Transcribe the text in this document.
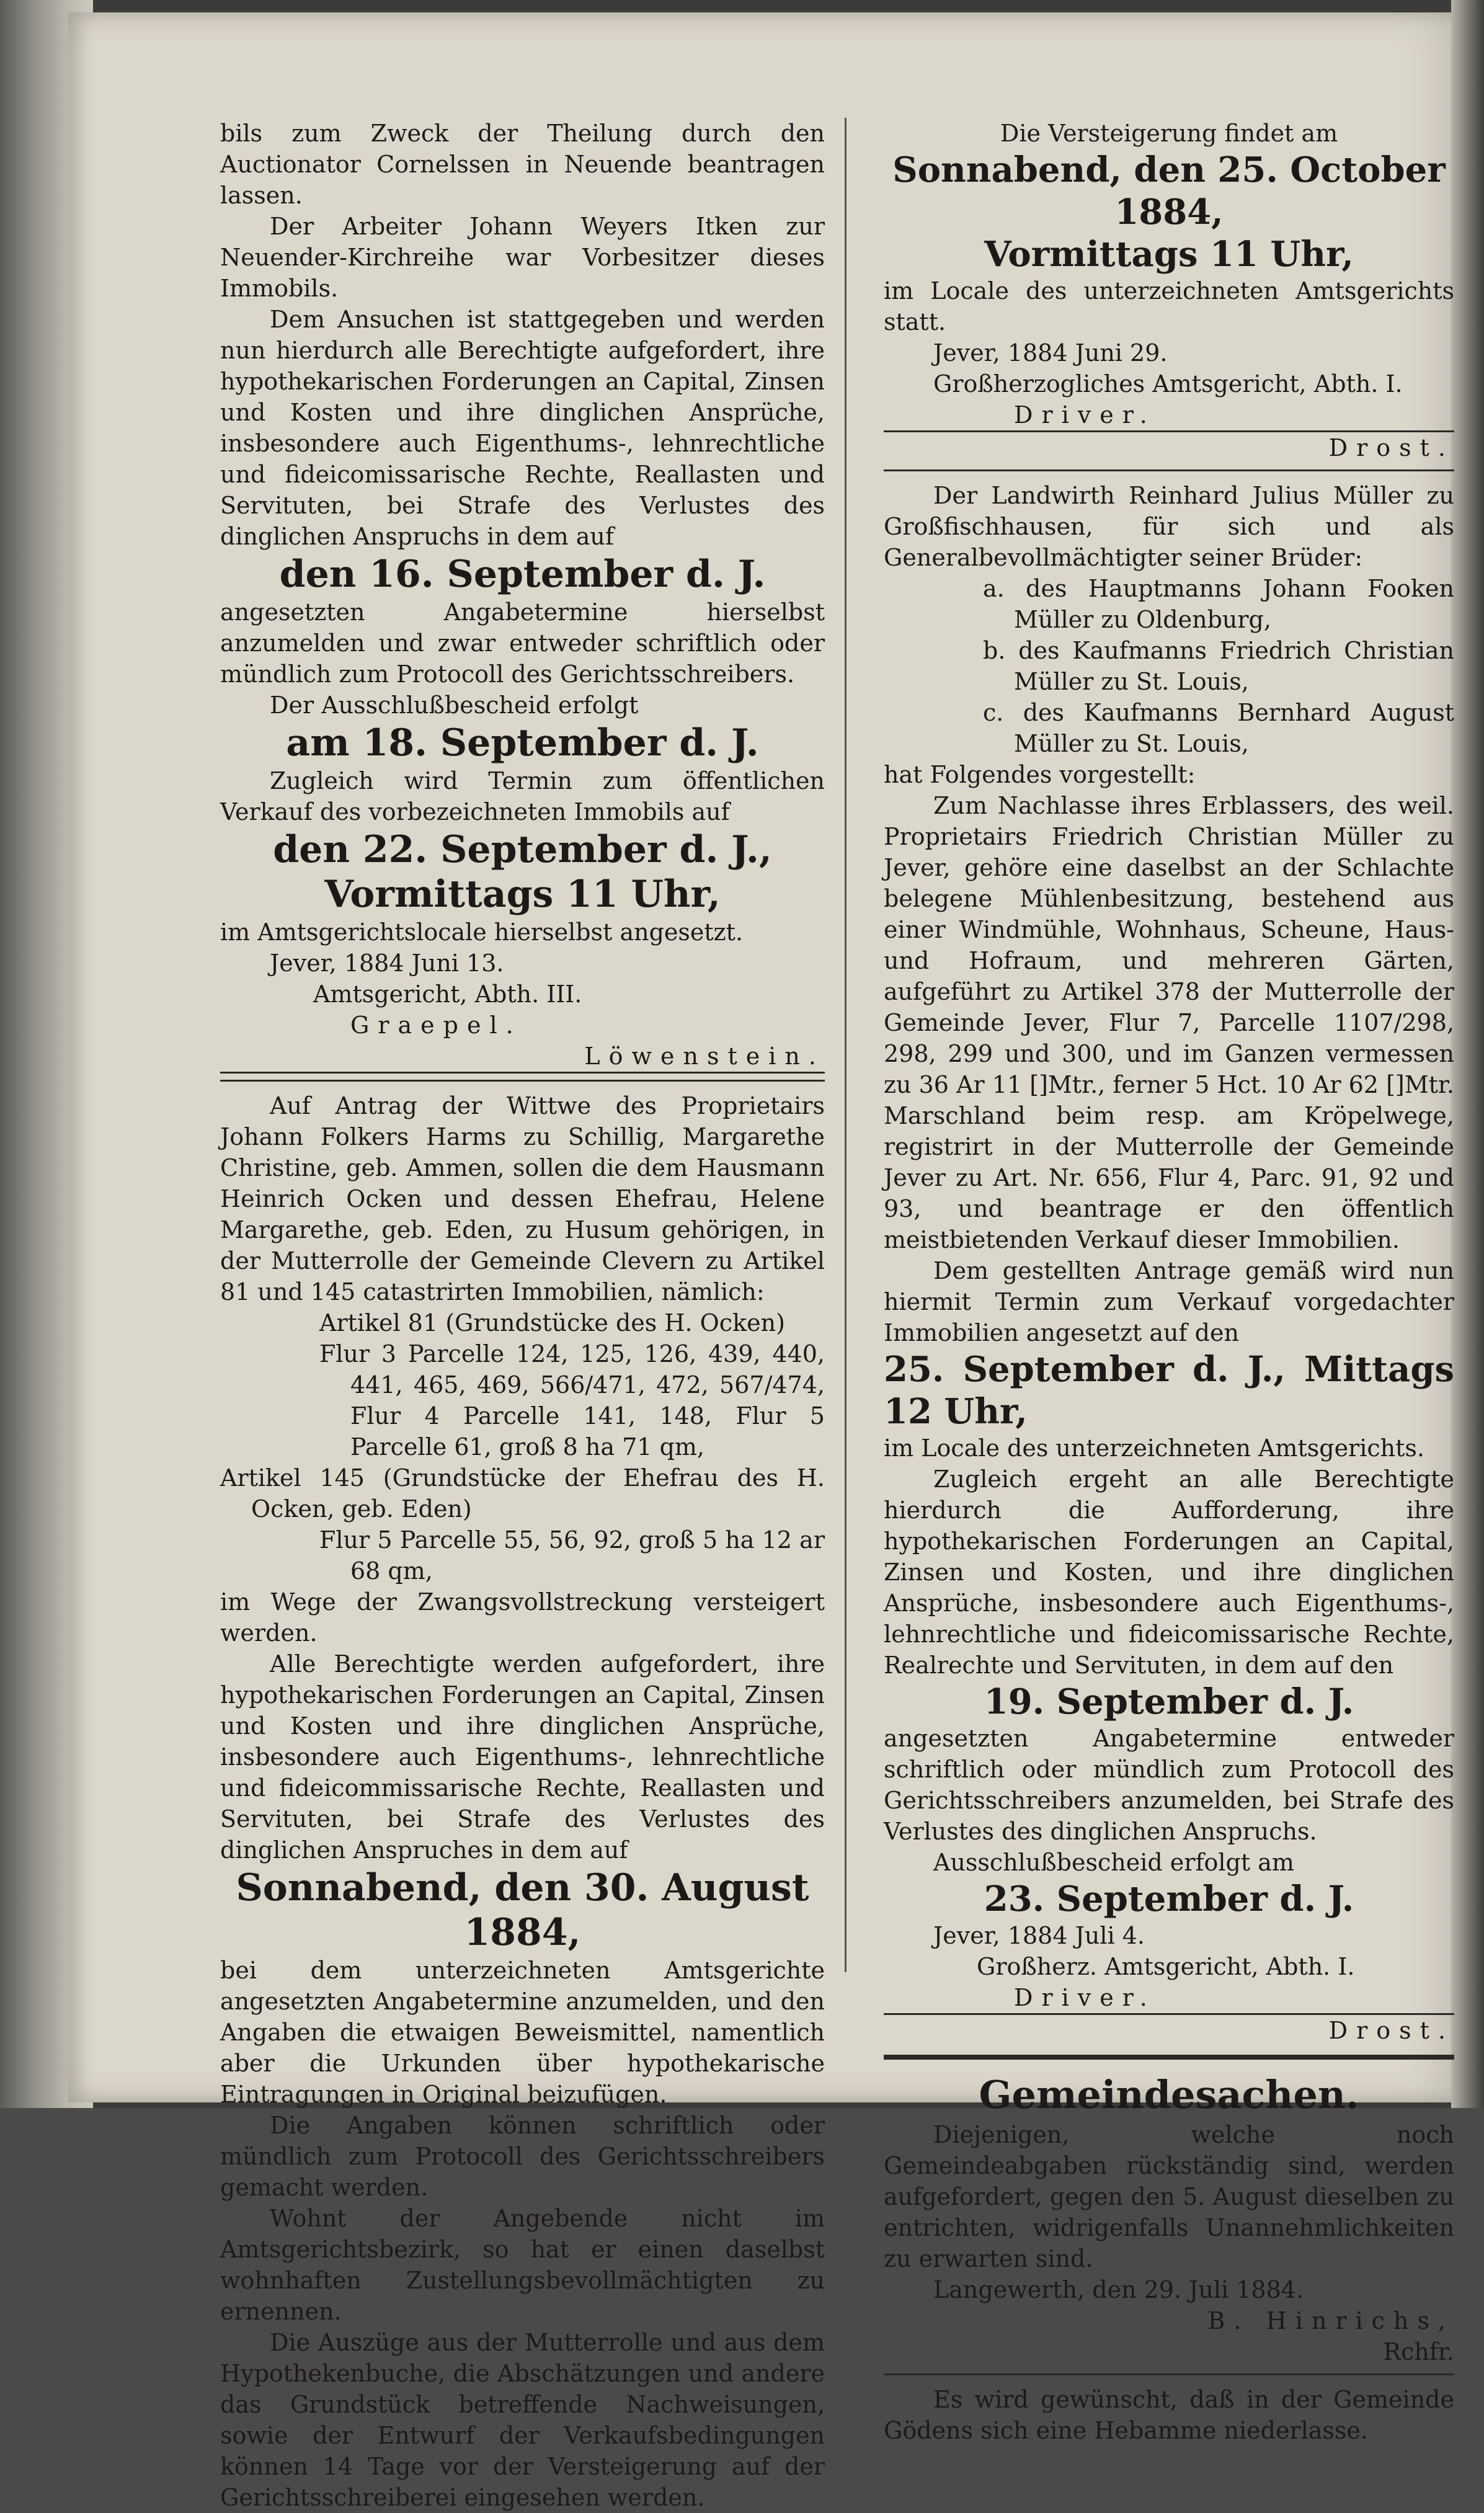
bils zum Zweck der Theilung durch den Auctionator Cornelssen in Neuende beantragen lassen.

Der Arbeiter Johann Weyers Itken zur Neuender-Kirchreihe war Vorbesitzer dieses Immobils.

Dem Ansuchen ist stattgegeben und werden nun hierdurch alle Berechtigte aufgefordert, ihre hypothekarischen Forderungen an Capital, Zinsen und Kosten und ihre dinglichen Ansprüche, insbesondere auch Eigenthums-, lehnrechtliche und fideicomissarische Rechte, Reallasten und Servituten, bei Strafe des Verlustes des dinglichen Anspruchs in dem auf

den 16. September d. J.

angesetzten Angabetermine hierselbst anzumelden und zwar entweder schriftlich oder mündlich zum Protocoll des Gerichtsschreibers.

Der Ausschlußbescheid erfolgt

am 18. September d. J.

Zugleich wird Termin zum öffentlichen Verkauf des vorbezeichneten Immobils auf

den 22. September d. J.,

Vormittags 11 Uhr,

im Amtsgerichtslocale hierselbst angesetzt.

Jever, 1884 Juni 13.

Amtsgericht, Abth. III.

Graepel.

Löwenstein.

Auf Antrag der Wittwe des Proprietairs Johann Folkers Harms zu Schillig, Margarethe Christine, geb. Ammen, sollen die dem Hausmann Heinrich Ocken und dessen Ehefrau, Helene Margarethe, geb. Eden, zu Husum gehörigen, in der Mutterrolle der Gemeinde Clevern zu Artikel 81 und 145 catastrirten Immobilien, nämlich:

Artikel 81 (Grundstücke des H. Ocken)

Flur 3 Parcelle 124, 125, 126, 439, 440, 441, 465, 469, 566/471, 472, 567/474, Flur 4 Parcelle 141, 148, Flur 5 Parcelle 61, groß 8 ha 71 qm,

Artikel 145 (Grundstücke der Ehefrau des H. Ocken, geb. Eden)

Flur 5 Parcelle 55, 56, 92, groß 5 ha 12 ar 68 qm,

im Wege der Zwangsvollstreckung versteigert werden.

Alle Berechtigte werden aufgefordert, ihre hypothekarischen Forderungen an Capital, Zinsen und Kosten und ihre dinglichen Ansprüche, insbesondere auch Eigenthums-, lehnrechtliche und fideicommissarische Rechte, Reallasten und Servituten, bei Strafe des Verlustes des dinglichen Anspruches in dem auf

Sonnabend, den 30. August 1884,

bei dem unterzeichneten Amtsgerichte angesetzten Angabetermine anzumelden, und den Angaben die etwaigen Beweismittel, namentlich aber die Urkunden über hypothekarische Eintragungen in Original beizufügen.

Die Angaben können schriftlich oder mündlich zum Protocoll des Gerichtsschreibers gemacht werden.

Wohnt der Angebende nicht im Amtsgerichtsbezirk, so hat er einen daselbst wohnhaften Zustellungsbevollmächtigten zu ernennen.

Die Auszüge aus der Mutterrolle und aus dem Hypothekenbuche, die Abschätzungen und andere das Grundstück betreffende Nachweisungen, sowie der Entwurf der Verkaufsbedingungen können 14 Tage vor der Versteigerung auf der Gerichtsschreiberei eingesehen werden.

Die Versteigerung findet am

Sonnabend, den 25. October 1884,

Vormittags 11 Uhr,

im Locale des unterzeichneten Amtsgerichts statt.

Jever, 1884 Juni 29.

Großherzogliches Amtsgericht, Abth. I.

Driver.

Drost.

Der Landwirth Reinhard Julius Müller zu Großfischhausen, für sich und als Generalbevollmächtigter seiner Brüder:

a. des Hauptmanns Johann Fooken Müller zu Oldenburg,

b. des Kaufmanns Friedrich Christian Müller zu St. Louis,

c. des Kaufmanns Bernhard August Müller zu St. Louis,

hat Folgendes vorgestellt:

Zum Nachlasse ihres Erblassers, des weil. Proprietairs Friedrich Christian Müller zu Jever, gehöre eine daselbst an der Schlachte belegene Mühlenbesitzung, bestehend aus einer Windmühle, Wohnhaus, Scheune, Haus- und Hofraum, und mehreren Gärten, aufgeführt zu Artikel 378 der Mutterrolle der Gemeinde Jever, Flur 7, Parcelle 1107/298, 298, 299 und 300, und im Ganzen vermessen zu 36 Ar 11 []Mtr., ferner 5 Hct. 10 Ar 62 []Mtr. Marschland beim resp. am Kröpelwege, registrirt in der Mutterrolle der Gemeinde Jever zu Art. Nr. 656, Flur 4, Parc. 91, 92 und 93, und beantrage er den öffentlich meistbietenden Verkauf dieser Immobilien.

Dem gestellten Antrage gemäß wird nun hiermit Termin zum Verkauf vorgedachter Immobilien angesetzt auf den

25. September d. J., Mittags 12 Uhr,

im Locale des unterzeichneten Amtsgerichts.

Zugleich ergeht an alle Berechtigte hierdurch die Aufforderung, ihre hypothekarischen Forderungen an Capital, Zinsen und Kosten, und ihre dinglichen Ansprüche, insbesondere auch Eigenthums-, lehnrechtliche und fideicomissarische Rechte, Realrechte und Servituten, in dem auf den

19. September d. J.

angesetzten Angabetermine entweder schriftlich oder mündlich zum Protocoll des Gerichtsschreibers anzumelden, bei Strafe des Verlustes des dinglichen Anspruchs.

Ausschlußbescheid erfolgt am

23. September d. J.

Jever, 1884 Juli 4.

Großherz. Amtsgericht, Abth. I.

Driver.

Drost.

Gemeindesachen.

Diejenigen, welche noch Gemeindeabgaben rückständig sind, werden aufgefordert, gegen den 5. August dieselben zu entrichten, widrigenfalls Unannehmlichkeiten zu erwarten sind.

Langewerth, den 29. Juli 1884.

B. Hinrichs,

Rchfr.

Es wird gewünscht, daß in der Gemeinde Gödens sich eine Hebamme niederlasse.
